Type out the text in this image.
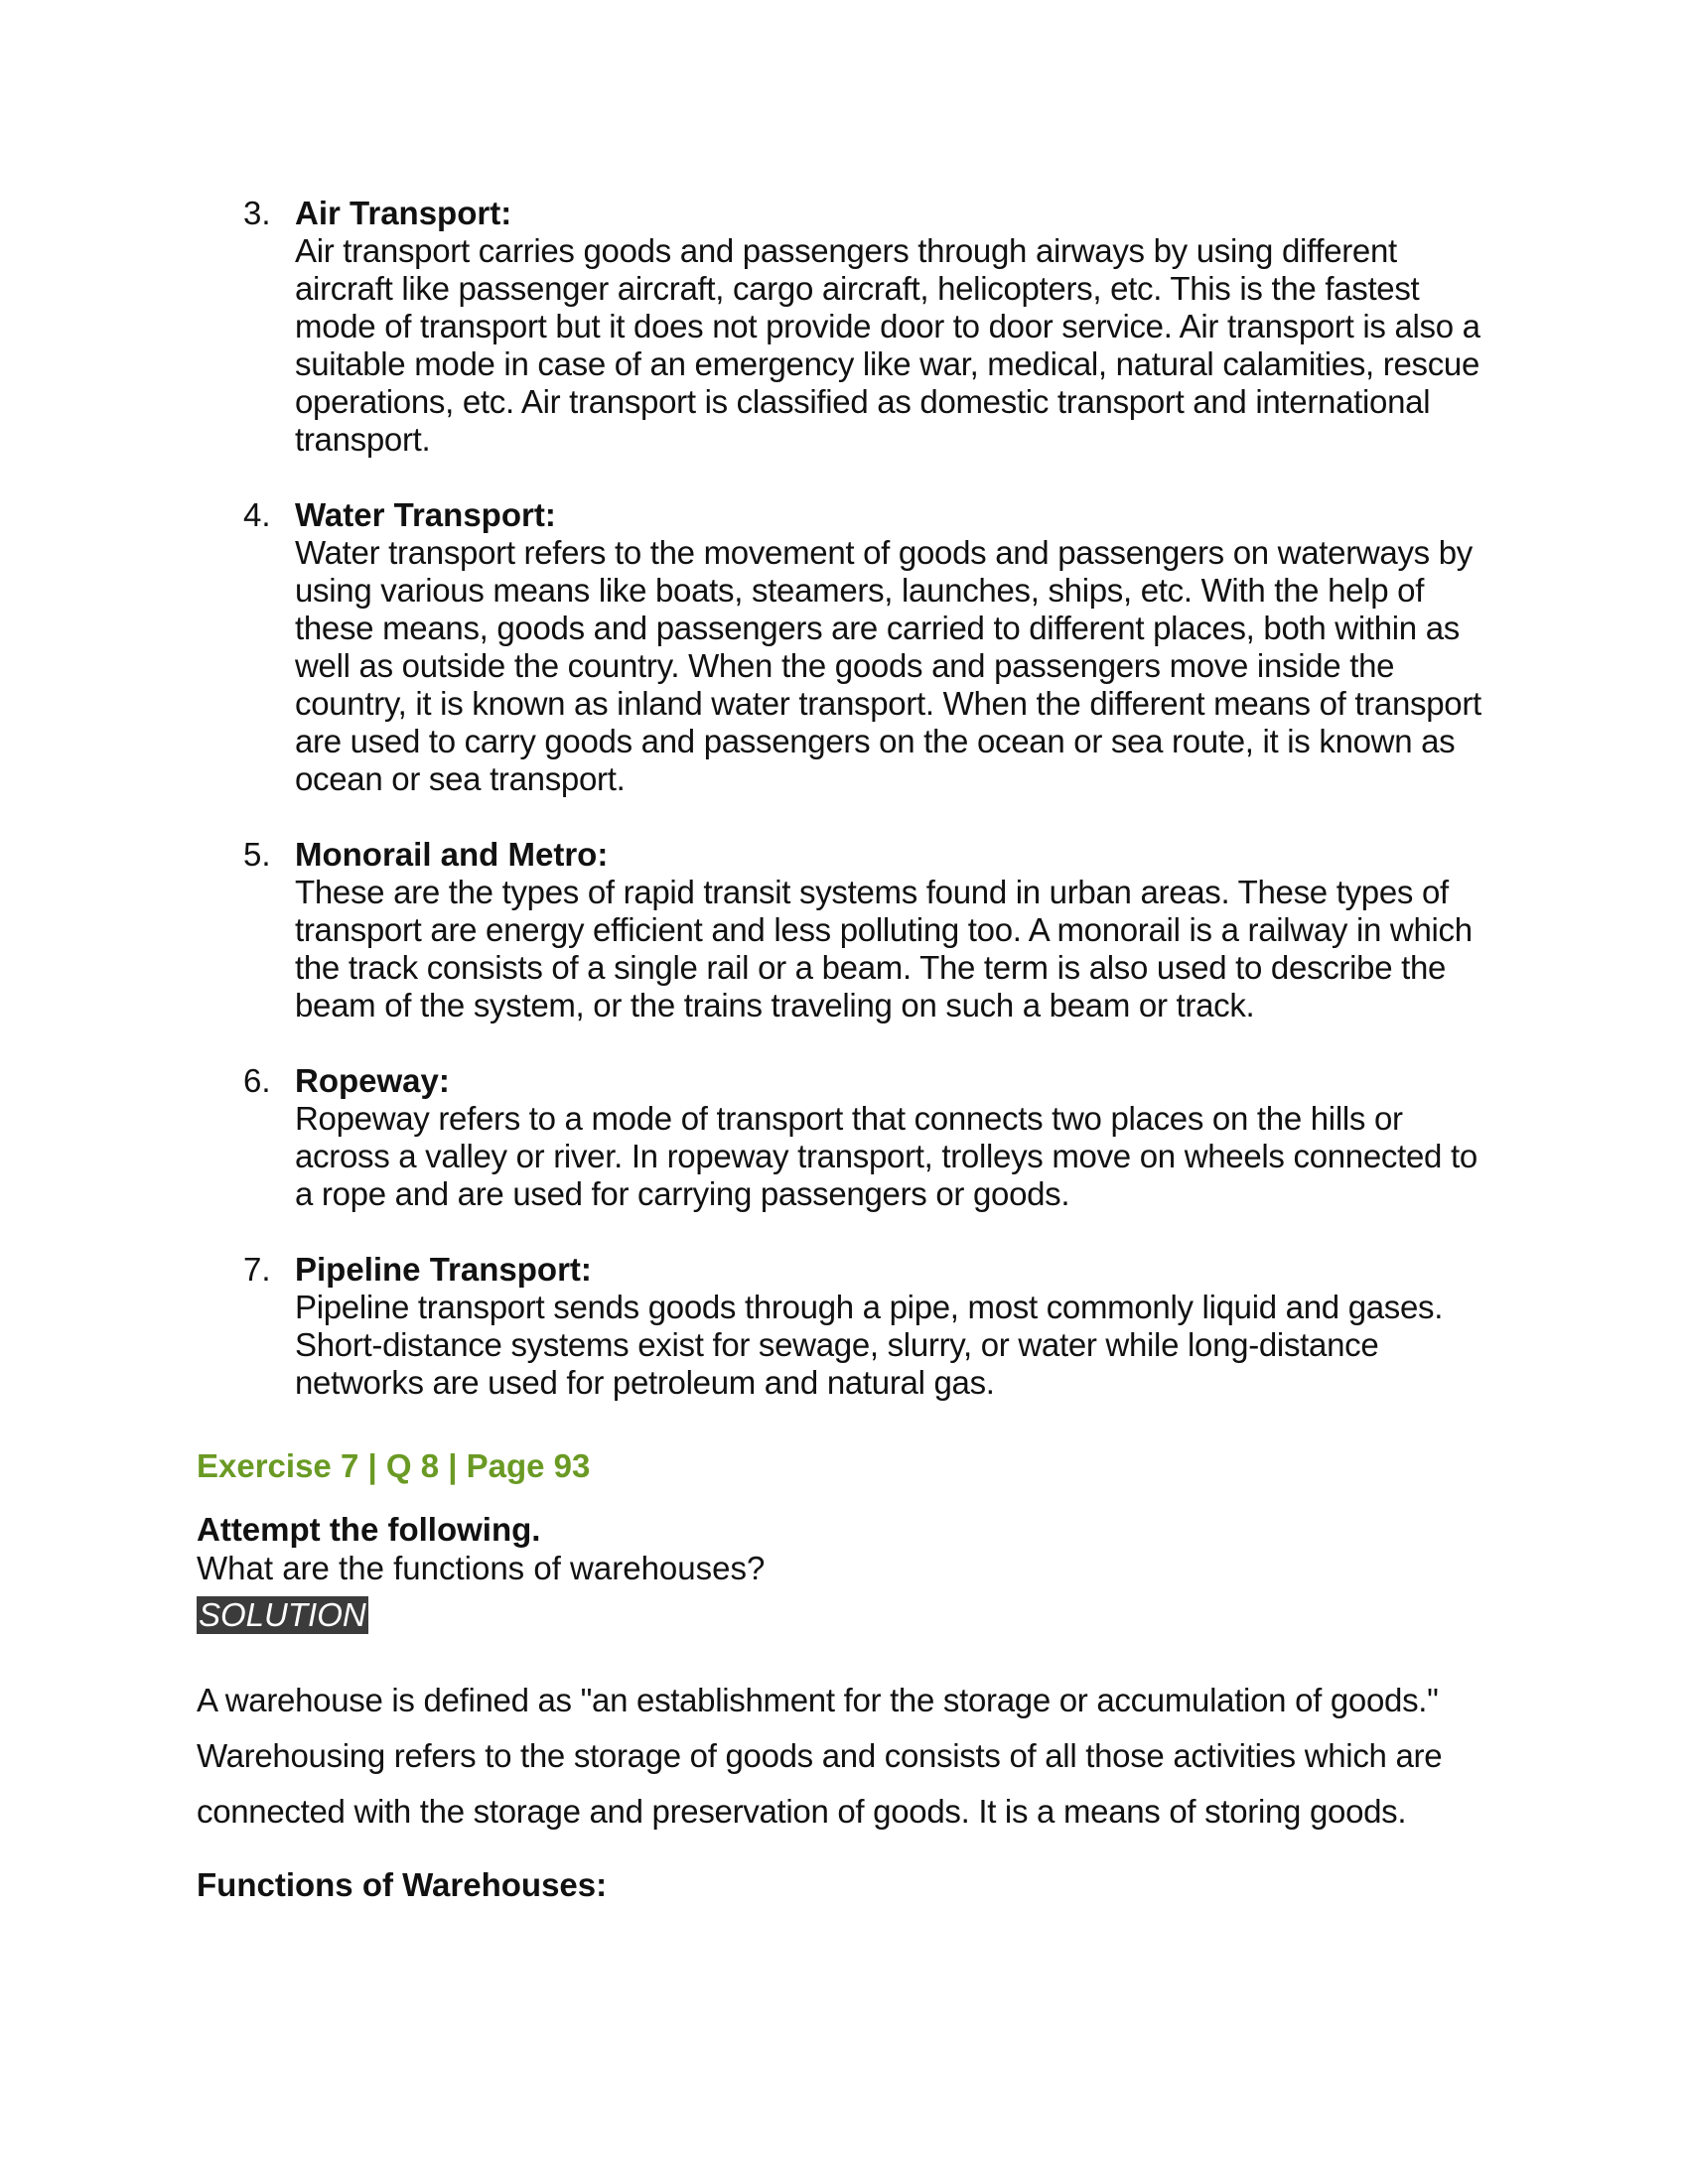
3. Air Transport:

Air transport carries goods and passengers through airways by using different aircraft like passenger aircraft, cargo aircraft, helicopters, etc. This is the fastest mode of transport but it does not provide door to door service. Air transport is also a suitable mode in case of an emergency like war, medical, natural calamities, rescue operations, etc. Air transport is classified as domestic transport and international transport.

4. Water Transport:

Water transport refers to the movement of goods and passengers on waterways by using various means like boats, steamers, launches, ships, etc. With the help of these means, goods and passengers are carried to different places, both within as well as outside the country. When the goods and passengers move inside the country, it is known as inland water transport. When the different means of transport are used to carry goods and passengers on the ocean or sea route, it is known as ocean or sea transport.

5. Monorail and Metro:

These are the types of rapid transit systems found in urban areas. These types of transport are energy efficient and less polluting too. A monorail is a railway in which the track consists of a single rail or a beam. The term is also used to describe the beam of the system, or the trains traveling on such a beam or track.

6. Ropeway:

Ropeway refers to a mode of transport that connects two places on the hills or across a valley or river. In ropeway transport, trolleys move on wheels connected to a rope and are used for carrying passengers or goods.

7. Pipeline Transport:

Pipeline transport sends goods through a pipe, most commonly liquid and gases. Short-distance systems exist for sewage, slurry, or water while long-distance networks are used for petroleum and natural gas.

Exercise 7 | Q 8 | Page 93

Attempt the following.

What are the functions of warehouses?

SOLUTION

A warehouse is defined as "an establishment for the storage or accumulation of goods." Warehousing refers to the storage of goods and consists of all those activities which are connected with the storage and preservation of goods. It is a means of storing goods.

Functions of Warehouses:
